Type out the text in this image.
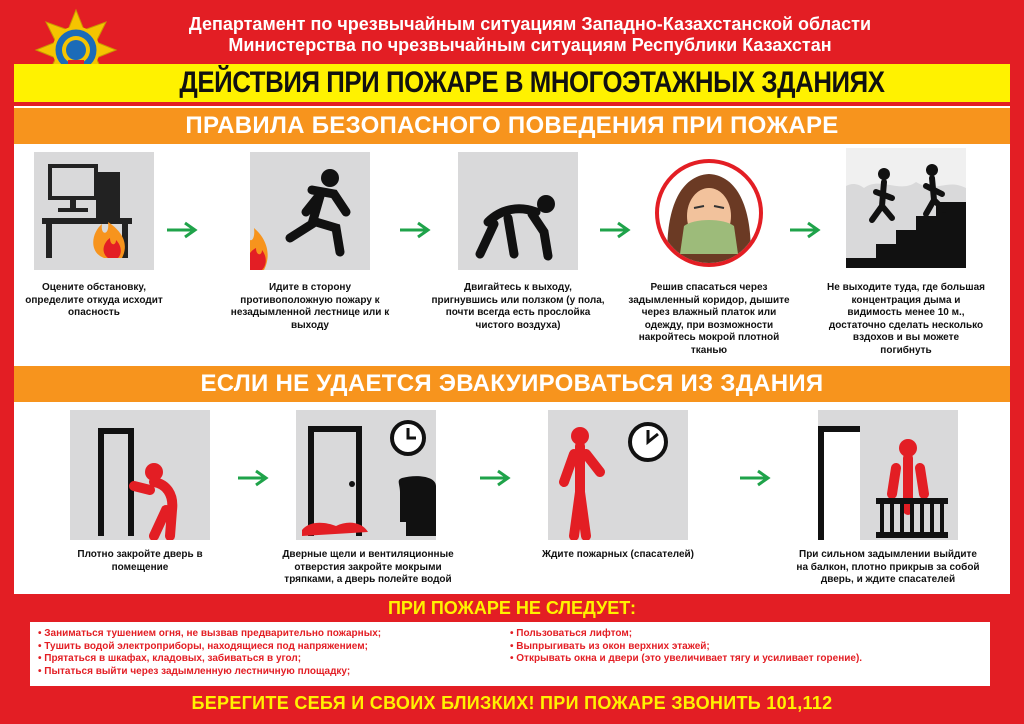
Департамент по чрезвычайным ситуациям Западно-Казахстанской области
Министерства по чрезвычайным ситуациям Республики Казахстан
ДЕЙСТВИЯ ПРИ ПОЖАРЕ В МНОГОЭТАЖНЫХ ЗДАНИЯХ
ПРАВИЛА БЕЗОПАСНОГО ПОВЕДЕНИЯ ПРИ ПОЖАРЕ
Оцените обстановку, определите откуда исходит опасность
Идите в сторону противоположную пожару к незадымленной лестнице или к выходу
Двигайтесь к выходу, пригнувшись или ползком (у пола, почти всегда есть прослойка чистого воздуха)
Решив спасаться через задымленный коридор, дышите через влажный платок или одежду, при возможности накройтесь мокрой плотной тканью
Не выходите туда, где большая концентрация дыма и видимость менее 10 м., достаточно сделать несколько вздохов и вы можете погибнуть
ЕСЛИ НЕ УДАЕТСЯ ЭВАКУИРОВАТЬСЯ ИЗ ЗДАНИЯ
Плотно закройте дверь в помещение
Дверные щели и вентиляционные отверстия закройте мокрыми тряпками, а дверь полейте водой
Ждите пожарных (спасателей)	При сильном задымлении выйдите на балкон, плотно прикрыв за собой дверь, и ждите спасателей
ПРИ ПОЖАРЕ НЕ СЛЕДУЕТ:
• Заниматься тушением огня, не вызвав предварительно пожарных;
• Тушить водой электроприборы, находящиеся под напряжением;
• Прятаться в шкафах, кладовых, забиваться в угол;
• Пытаться выйти через задымленную лестничную площадку;
• Пользоваться лифтом;
• Выпрыгивать из окон верхних этажей;
• Открывать окна и двери (это увеличивает тягу и усиливает горение).
БЕРЕГИТЕ СЕБЯ И СВОИХ БЛИЗКИХ! ПРИ ПОЖАРЕ ЗВОНИТЬ 101,112
